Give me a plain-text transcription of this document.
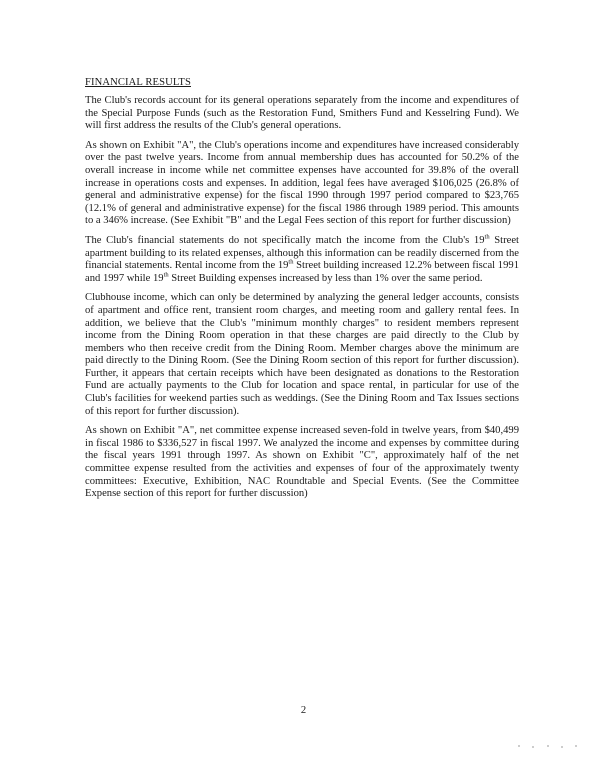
FINANCIAL RESULTS

The Club's records account for its general operations separately from the income and expenditures of the Special Purpose Funds (such as the Restoration Fund, Smithers Fund and Kesselring Fund). We will first address the results of the Club's general operations.

As shown on Exhibit "A", the Club's operations income and expenditures have increased considerably over the past twelve years. Income from annual membership dues has accounted for 50.2% of the overall increase in income while net committee expenses have accounted for 39.8% of the overall increase in operations costs and expenses. In addition, legal fees have averaged $106,025 (26.8% of general and administrative expense) for the fiscal 1990 through 1997 period compared to $23,765 (12.1% of general and administrative expense) for the fiscal 1986 through 1989 period. This amounts to a 346% increase. (See Exhibit "B" and the Legal Fees section of this report for further discussion)

The Club's financial statements do not specifically match the income from the Club's 19th Street apartment building to its related expenses, although this information can be readily discerned from the financial statements. Rental income from the 19th Street building increased 12.2% between fiscal 1991 and 1997 while 19th Street Building expenses increased by less than 1% over the same period.

Clubhouse income, which can only be determined by analyzing the general ledger accounts, consists of apartment and office rent, transient room charges, and meeting room and gallery rental fees. In addition, we believe that the Club's "minimum monthly charges" to resident members represent income from the Dining Room operation in that these charges are paid directly to the Club by members who then receive credit from the Dining Room. Member charges above the minimum are paid directly to the Dining Room. (See the Dining Room section of this report for further discussion). Further, it appears that certain receipts which have been designated as donations to the Restoration Fund are actually payments to the Club for location and space rental, in particular for use of the Club's facilities for weekend parties such as weddings. (See the Dining Room and Tax Issues sections of this report for further discussion).

As shown on Exhibit "A", net committee expense increased seven-fold in twelve years, from $40,499 in fiscal 1986 to $336,527 in fiscal 1997. We analyzed the income and expenses by committee during the fiscal years 1991 through 1997. As shown on Exhibit "C", approximately half of the net committee expense resulted from the activities and expenses of four of the approximately twenty committees: Executive, Exhibition, NAC Roundtable and Special Events. (See the Committee Expense section of this report for further discussion)

2
